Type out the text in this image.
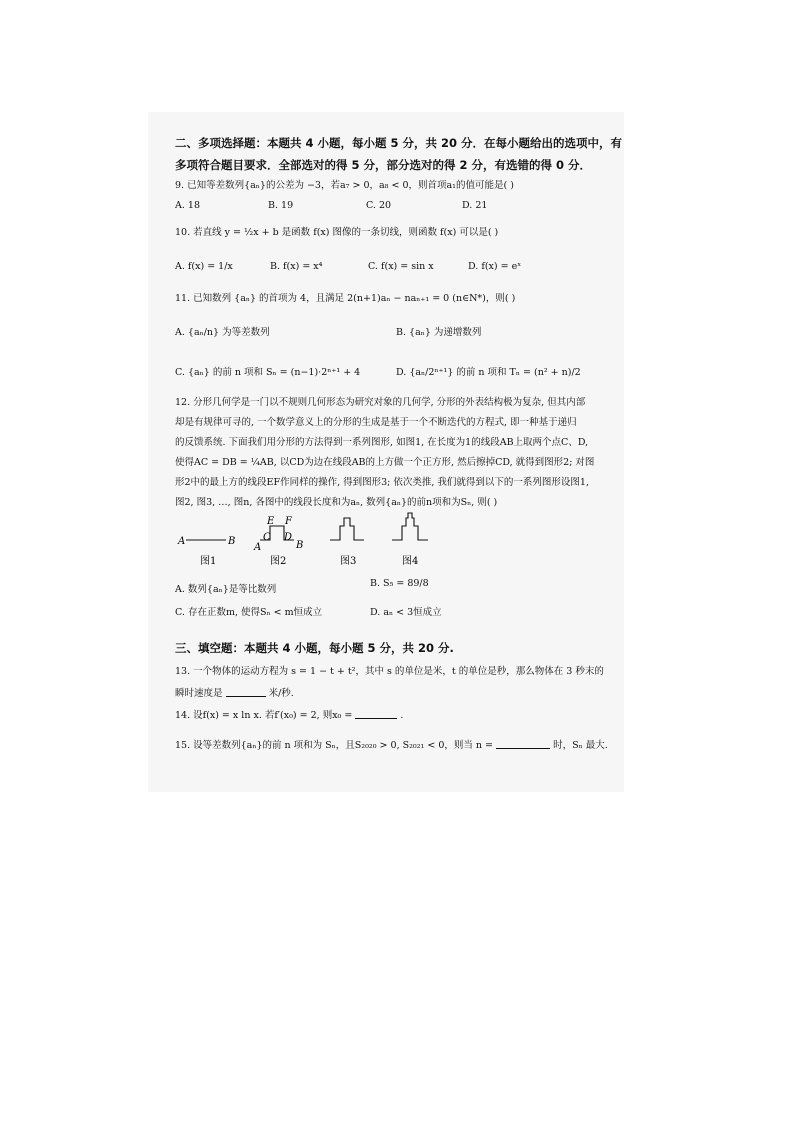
二、多项选择题：本题共 4 小题，每小题 5 分，共 20 分．在每小题给出的选项中，有
多项符合题目要求．全部选对的得 5 分，部分选对的得 2 分，有选错的得 0 分．
9. 已知等差数列{aₙ}的公差为 −3，若a₇ > 0，a₈ < 0，则首项a₁的值可能是( )
A. 18	B. 19	C. 20	D. 21
10. 若直线 y = ½x + b 是函数 f(x) 图像的一条切线，则函数 f(x) 可以是( )
A. f(x) = 1/x	B. f(x) = x⁴	C. f(x) = sin x	D. f(x) = eˣ
11. 已知数列 {aₙ} 的首项为 4，且满足 2(n+1)aₙ − naₙ₊₁ = 0 (n∈N*)，则( )
A. {aₙ/n} 为等差数列	B. {aₙ} 为递增数列
C. {aₙ} 的前 n 项和 Sₙ = (n−1)·2ⁿ⁺¹ + 4	D. {aₙ/2ⁿ⁺¹} 的前 n 项和 Tₙ = (n² + n)/2
12. 分形几何学是一门以不规则几何形态为研究对象的几何学, 分形的外表结构极为复杂, 但其内部
却是有规律可寻的, 一个数学意义上的分形的生成是基于一个不断迭代的方程式, 即一种基于递归
的反馈系统. 下面我们用分形的方法得到一系列图形, 如图1, 在长度为1的线段AB上取两个点C、D,
使得AC = DB = ¼AB, 以CD为边在线段AB的上方做一个正方形, 然后擦掉CD, 就得到图形2; 对图
形2中的最上方的线段EF作同样的操作, 得到图形3; 依次类推, 我们就得到以下的一系列图形设图1,
图2, 图3, …, 图n, 各图中的线段长度和为aₙ, 数列{aₙ}的前n项和为Sₙ, 则( )
A	B
图1
A	B
C D
E F
图2	图3	图4
A. 数列{aₙ}是等比数列
B. S₅ = 89/8
C. 存在正数m, 使得Sₙ < m恒成立	D. aₙ < 3恒成立
三、填空题：本题共 4 小题，每小题 5 分，共 20 分.
13. 一个物体的运动方程为 s = 1 − t + t²，其中 s 的单位是米，t 的单位是秒，那么物体在 3 秒末的
瞬时速度是	米/秒.
14. 设f(x) = x ln x. 若f′(x₀) = 2, 则x₀ =	.
15. 设等差数列{aₙ}的前 n 项和为 Sₙ，且S₂₀₂₀ > 0, S₂₀₂₁ < 0，则当 n =	时，Sₙ 最大.
